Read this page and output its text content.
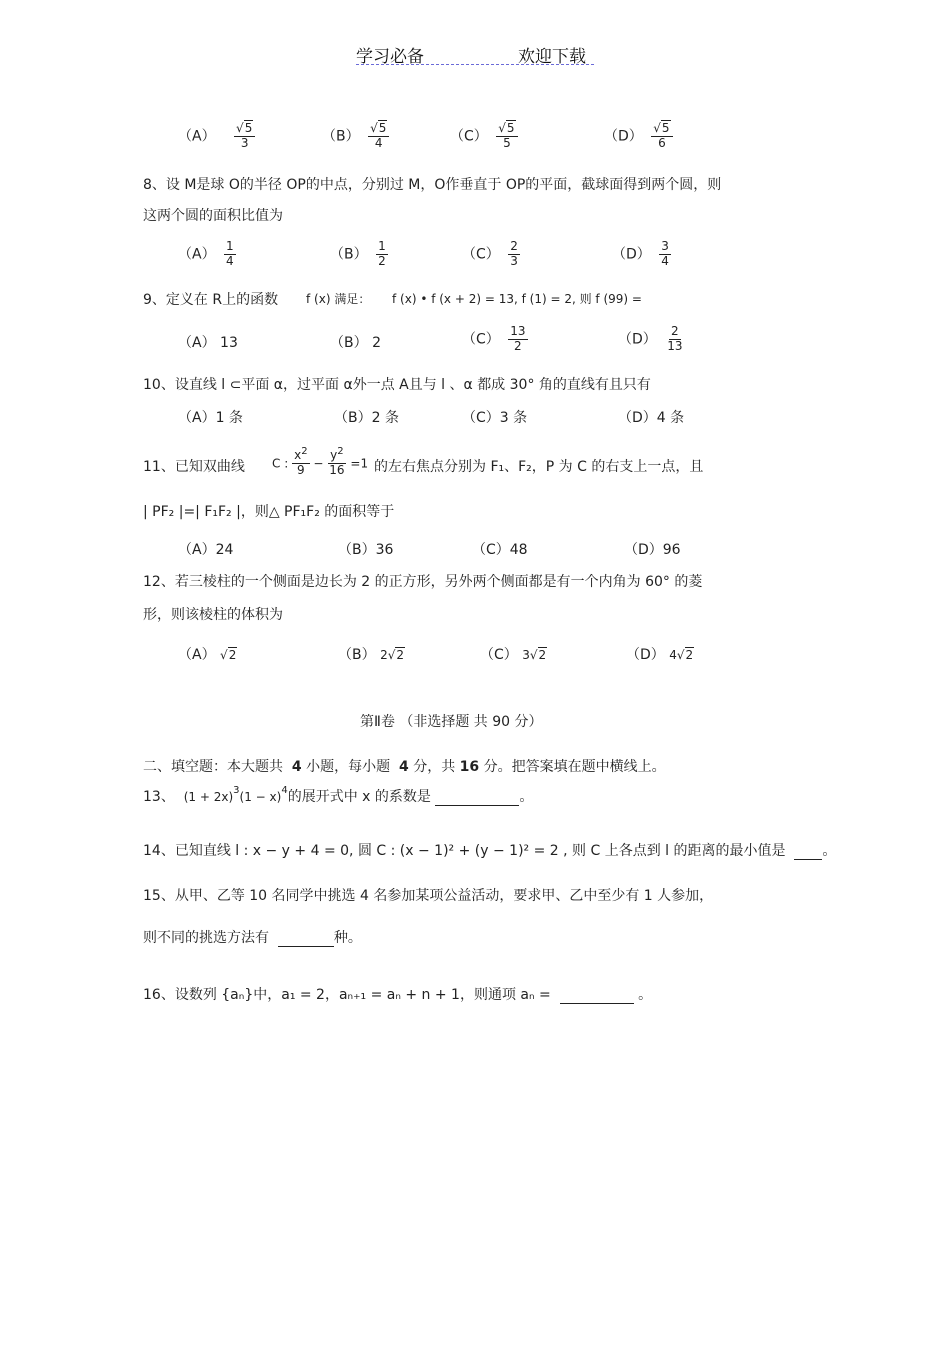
学习必备	欢迎下载
$(A) \frac{√5}{3}$	$(B) \frac{√5}{4}$	$(C) \frac{√5}{5}$	$(D) \frac{√5}{6}$
8、设 M是球 O的半径 OP的中点，分别过 M，O作垂直于 OP的平面，截球面得到两个圆，则
这两个圆的面积比值为
$(A) \frac{1}{4}$	$(B) \frac{1}{2}$	$(C) \frac{2}{3}$	$(D) \frac{3}{4}$
9、定义在 R上的函数 f (x) 满足： f (x) • f (x + 2) = 13, f (1) = 2, 则 f (99) =
（A） 13	（B） 2	$(C) \frac{13}{2}$	$(D) \frac{2}{13}$
10、设直线 l ⊂平面 α，过平面 α外一点 A且与 l 、α 都成 30° 角的直线有且只有
（A）1 条	（B）2 条	（C）3 条	（D）4 条
11、已知双曲线 C : $\frac{x^2}{9} - \frac{y^2}{16} =1$ 的左右焦点分别为 F₁、F₂，P 为 C 的右支上一点，且
| PF₂ |=| F₁F₂ |，则△ PF₁F₂ 的面积等于
（A）24	（B）36	（C）48	（D）96
12、若三棱柱的一个侧面是边长为 2 的正方形，另外两个侧面都是有一个内角为 60° 的菱
形，则该棱柱的体积为
（A） √2	（B） 2√2	（C） 3√2	（D） 4√2
第Ⅱ卷 （非选择题 共 90 分）
二、填空题：本大题共 4 小题，每小题 4 分，共 16 分。把答案填在题中横线上。
13、 $(1 + 2x)^3(1 - x)^4$的展开式中 x 的系数是	。
14、已知直线 l : x − y + 4 = 0, 圆 C : (x − 1)² + (y − 1)² = 2 , 则 C 上各点到 l 的距离的最小值是	。
15、从甲、乙等 10 名同学中挑选 4 名参加某项公益活动，要求甲、乙中至少有 1 人参加，
则不同的挑选方法有	种。
16、设数列 {aₙ}中，a₁ = 2，aₙ₊₁ = aₙ + n + 1，则通项 aₙ =	。
